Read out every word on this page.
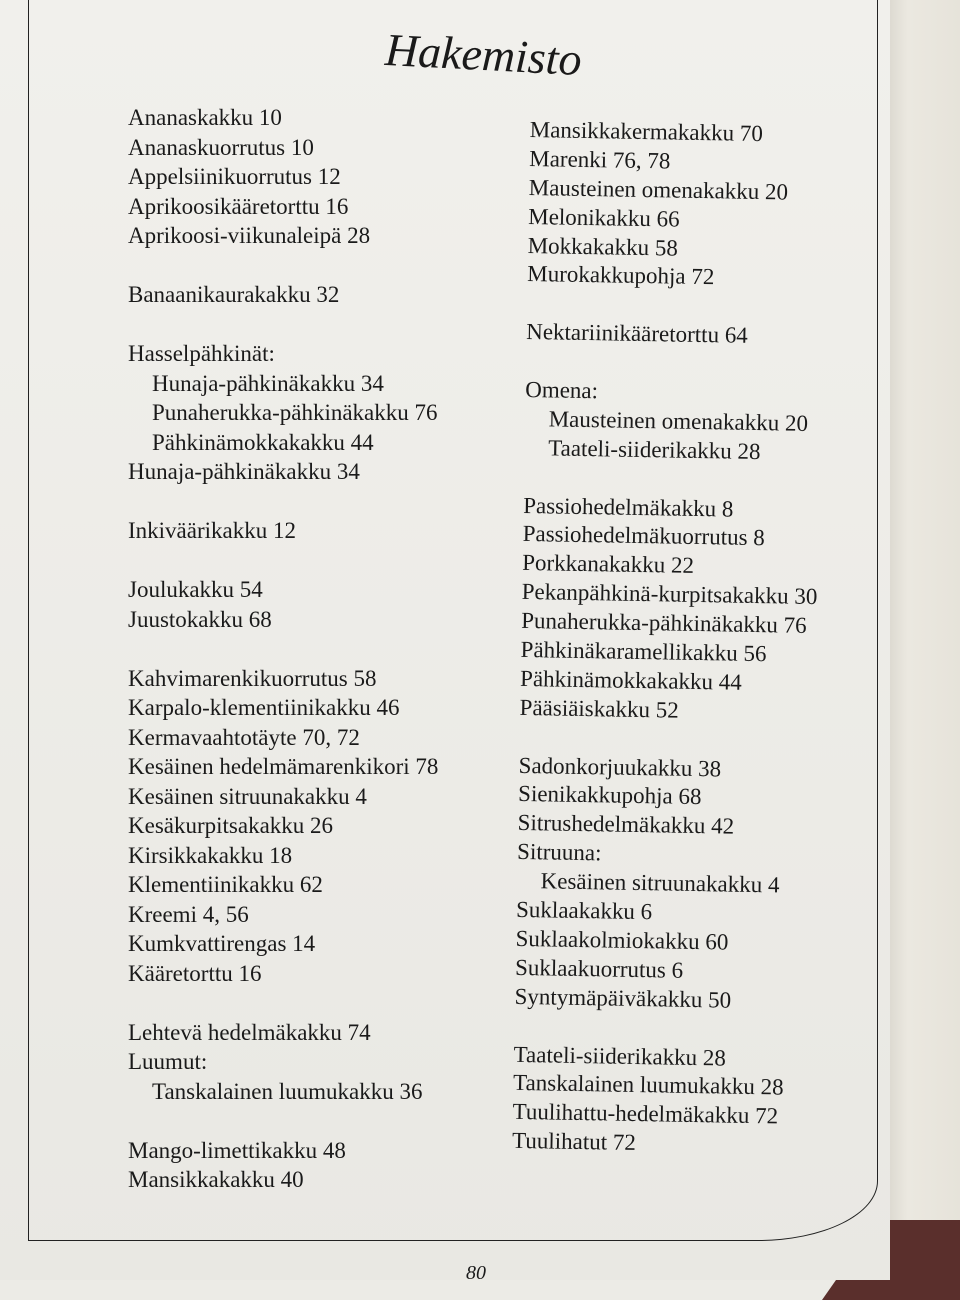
Hakemisto
Ananaskakku 10
Ananaskuorrutus 10
Appelsiinikuorrutus 12
Aprikoosikääretorttu 16
Aprikoosi-viikunaleipä 28
Banaanikaurakakku 32
Hasselpähkinät:
Hunaja-pähkinäkakku 34
Punaherukka-pähkinäkakku 76
Pähkinämokkakakku 44
Hunaja-pähkinäkakku 34
Inkiväärikakku 12
Joulukakku 54
Juustokakku 68
Kahvimarenkikuorrutus 58
Karpalo-klementiinikakku 46
Kermavaahtotäyte 70, 72
Kesäinen hedelmämarenkikori 78
Kesäinen sitruunakakku 4
Kesäkurpitsakakku 26
Kirsikkakakku 18
Klementiinikakku 62
Kreemi 4, 56
Kumkvattirengas 14
Kääretorttu 16
Lehtevä hedelmäkakku 74
Luumut:
Tanskalainen luumukakku 36
Mango-limettikakku 48
Mansikkakakku 40
Mansikkakermakakku 70
Marenki 76, 78
Mausteinen omenakakku 20
Melonikakku 66
Mokkakakku 58
Murokakkupohja 72
Nektariinikääretorttu 64
Omena:
Mausteinen omenakakku 20
Taateli-siiderikakku 28
Passiohedelmäkakku 8
Passiohedelmäkuorrutus 8
Porkkanakakku 22
Pekanpähkinä-kurpitsakakku 30
Punaherukka-pähkinäkakku 76
Pähkinäkaramellikakku 56
Pähkinämokkakakku 44
Pääsiäiskakku 52
Sadonkorjuukakku 38
Sienikakkupohja 68
Sitrushedelmäkakku 42
Sitruuna:
Kesäinen sitruunakakku 4
Suklaakakku 6
Suklaakolmiokakku 60
Suklaakuorrutus 6
Syntymäpäiväkakku 50
Taateli-siiderikakku 28
Tanskalainen luumukakku 28
Tuulihattu-hedelmäkakku 72
Tuulihatut 72
80
